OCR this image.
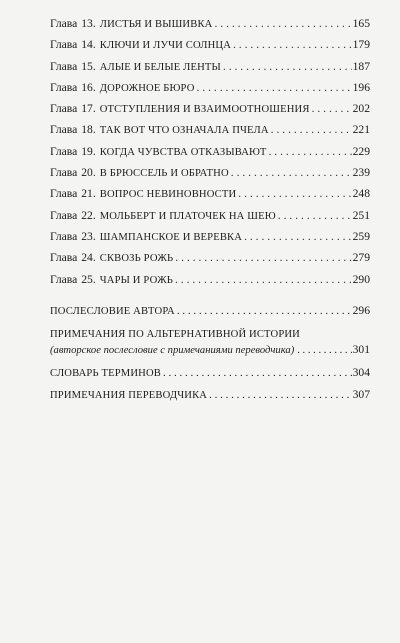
Глава 13. ЛИСТЬЯ И ВЫШИВКА . . .	165
Глава 14. КЛЮЧИ И ЛУЧИ СОЛНЦА . . .	179
Глава 15. АЛЫЕ И БЕЛЫЕ ЛЕНТЫ . . .	187
Глава 16. ДОРОЖНОЕ БЮРО . . .	196
Глава 17. ОТСТУПЛЕНИЯ И ВЗАИМООТНОШЕНИЯ . . .	202
Глава 18. ТАК ВОТ ЧТО ОЗНАЧАЛА ПЧЕЛА . . .	221
Глава 19. КОГДА ЧУВСТВА ОТКАЗЫВАЮТ . . .	229
Глава 20. В БРЮССЕЛЬ И ОБРАТНО . . .	239
Глава 21. ВОПРОС НЕВИНОВНОСТИ . . .	248
Глава 22. МОЛЬБЕРТ И ПЛАТОЧЕК НА ШЕЮ . . .	251
Глава 23. ШАМПАНСКОЕ И ВЕРЕВКА . . .	259
Глава 24. СКВОЗЬ РОЖЬ . . .	279
Глава 25. ЧАРЫ И РОЖЬ . . .	290
ПОСЛЕСЛОВИЕ АВТОРА . . .	296
ПРИМЕЧАНИЯ ПО АЛЬТЕРНАТИВНОЙ ИСТОРИИ
(авторское послесловие с примечаниями переводчика) . . .	301
СЛОВАРЬ ТЕРМИНОВ . . .	304
ПРИМЕЧАНИЯ ПЕРЕВОДЧИКА . . .	307
